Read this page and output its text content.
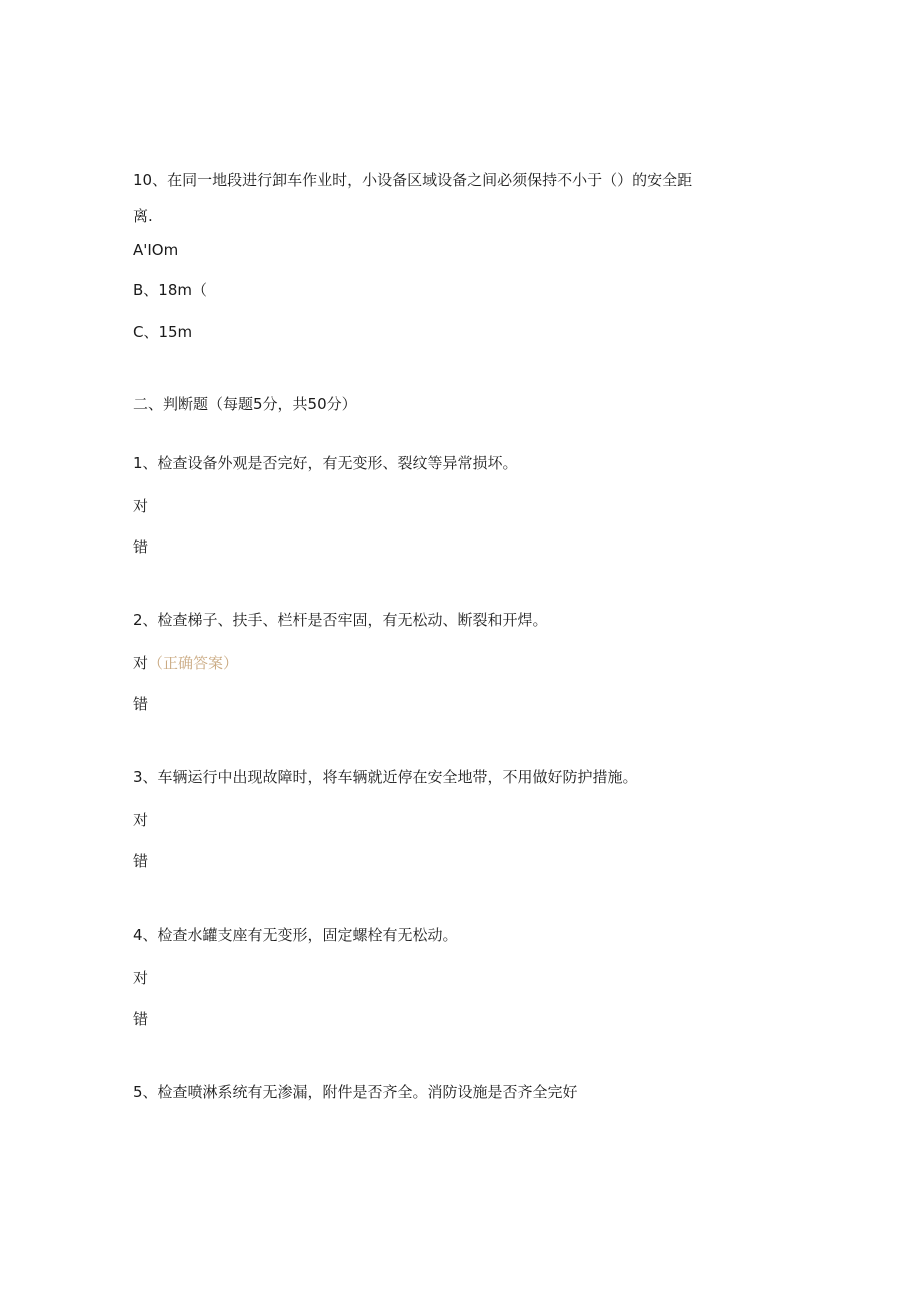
10、在同一地段进行卸车作业时，小设备区域设备之间必须保持不小于（）的安全距
离.
A'IOm
B、18m（
C、15m
二、判断题（每题5分，共50分）
1、检查设备外观是否完好，有无变形、裂纹等异常损坏。
对
错
2、检查梯子、扶手、栏杆是否牢固，有无松动、断裂和开焊。
对（正确答案）
错
3、车辆运行中出现故障时，将车辆就近停在安全地带，不用做好防护措施。
对
错
4、检查水罐支座有无变形，固定螺栓有无松动。
对
错
5、检查喷淋系统有无渗漏，附件是否齐全。消防设施是否齐全完好
